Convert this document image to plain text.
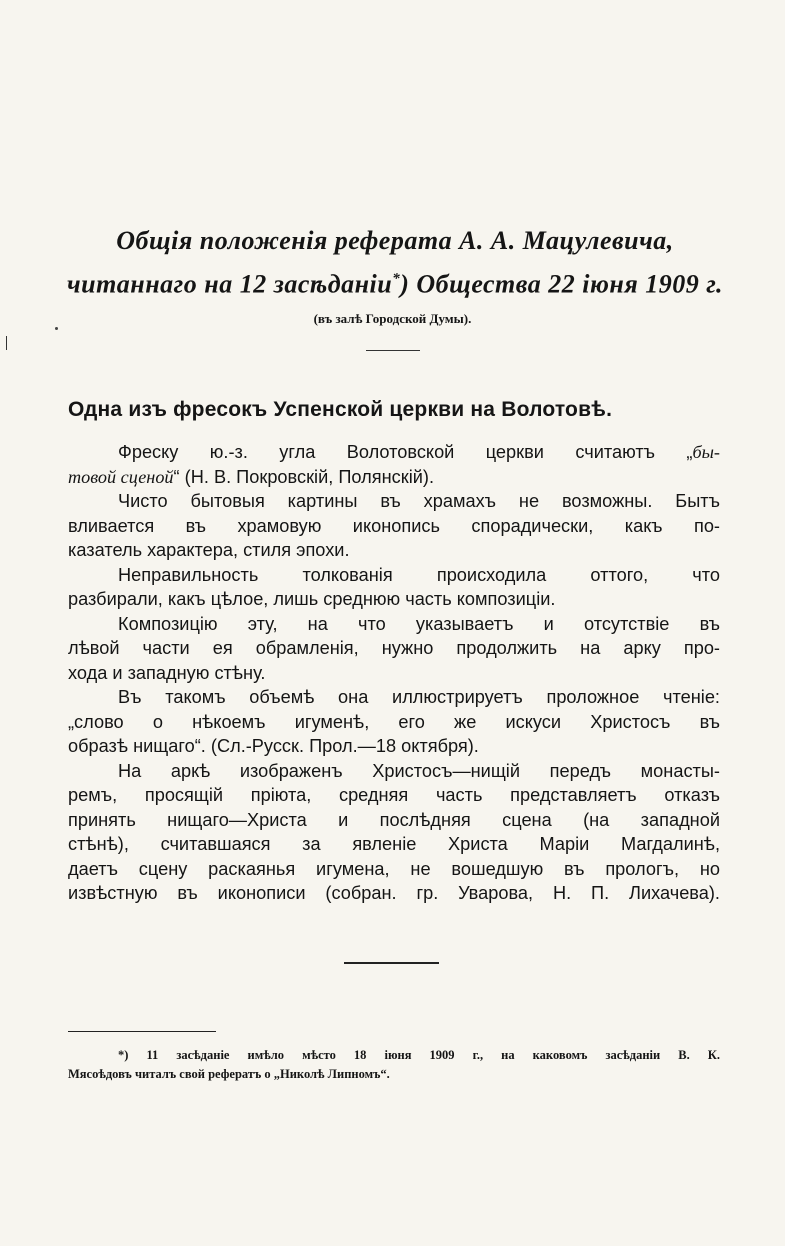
Общія положенія реферата А. А. Мацулевича,
читаннаго на 12 засѣданіи*) Общества 22 іюня 1909 г.
(въ залѣ Городской Думы).
Одна изъ фресокъ Успенской церкви на Волотовѣ.
Фреску ю.-з. угла Волотовской церкви считаютъ „бы-
товой сценой“ (Н. В. Покровскій, Полянскій).
Чисто бытовыя картины въ храмахъ не возможны. Бытъ
вливается въ храмовую иконопись спорадически, какъ по-
казатель характера, стиля эпохи.
Неправильность толкованія происходила оттого, что
разбирали, какъ цѣлое, лишь среднюю часть композиціи.
Композицію эту, на что указываетъ и отсутствіе въ
лѣвой части ея обрамленія, нужно продолжить на арку про-
хода и западную стѣну.
Въ такомъ объемѣ она иллюстрируетъ проложное чтеніе:
„слово о нѣкоемъ игуменѣ, его же искуси Христосъ въ
образѣ нищаго“. (Сл.-Русск. Прол.—18 октября).
На аркѣ изображенъ Христосъ—нищій передъ монасты-
ремъ, просящій пріюта, средняя часть представляетъ отказъ
принять нищаго—Христа и послѣдняя сцена (на западной
стѣнѣ), считавшаяся за явленіе Христа Маріи Магдалинѣ,
даетъ сцену раскаянья игумена, не вошедшую въ прологъ, но
извѣстную въ иконописи (собран. гр. Уварова, Н. П. Лихачева).
*) 11 засѣданіе имѣло мѣсто 18 іюня 1909 г., на каковомъ засѣданіи В. К.
Мясоѣдовъ читалъ свой рефератъ о „Николѣ Липномъ“.
